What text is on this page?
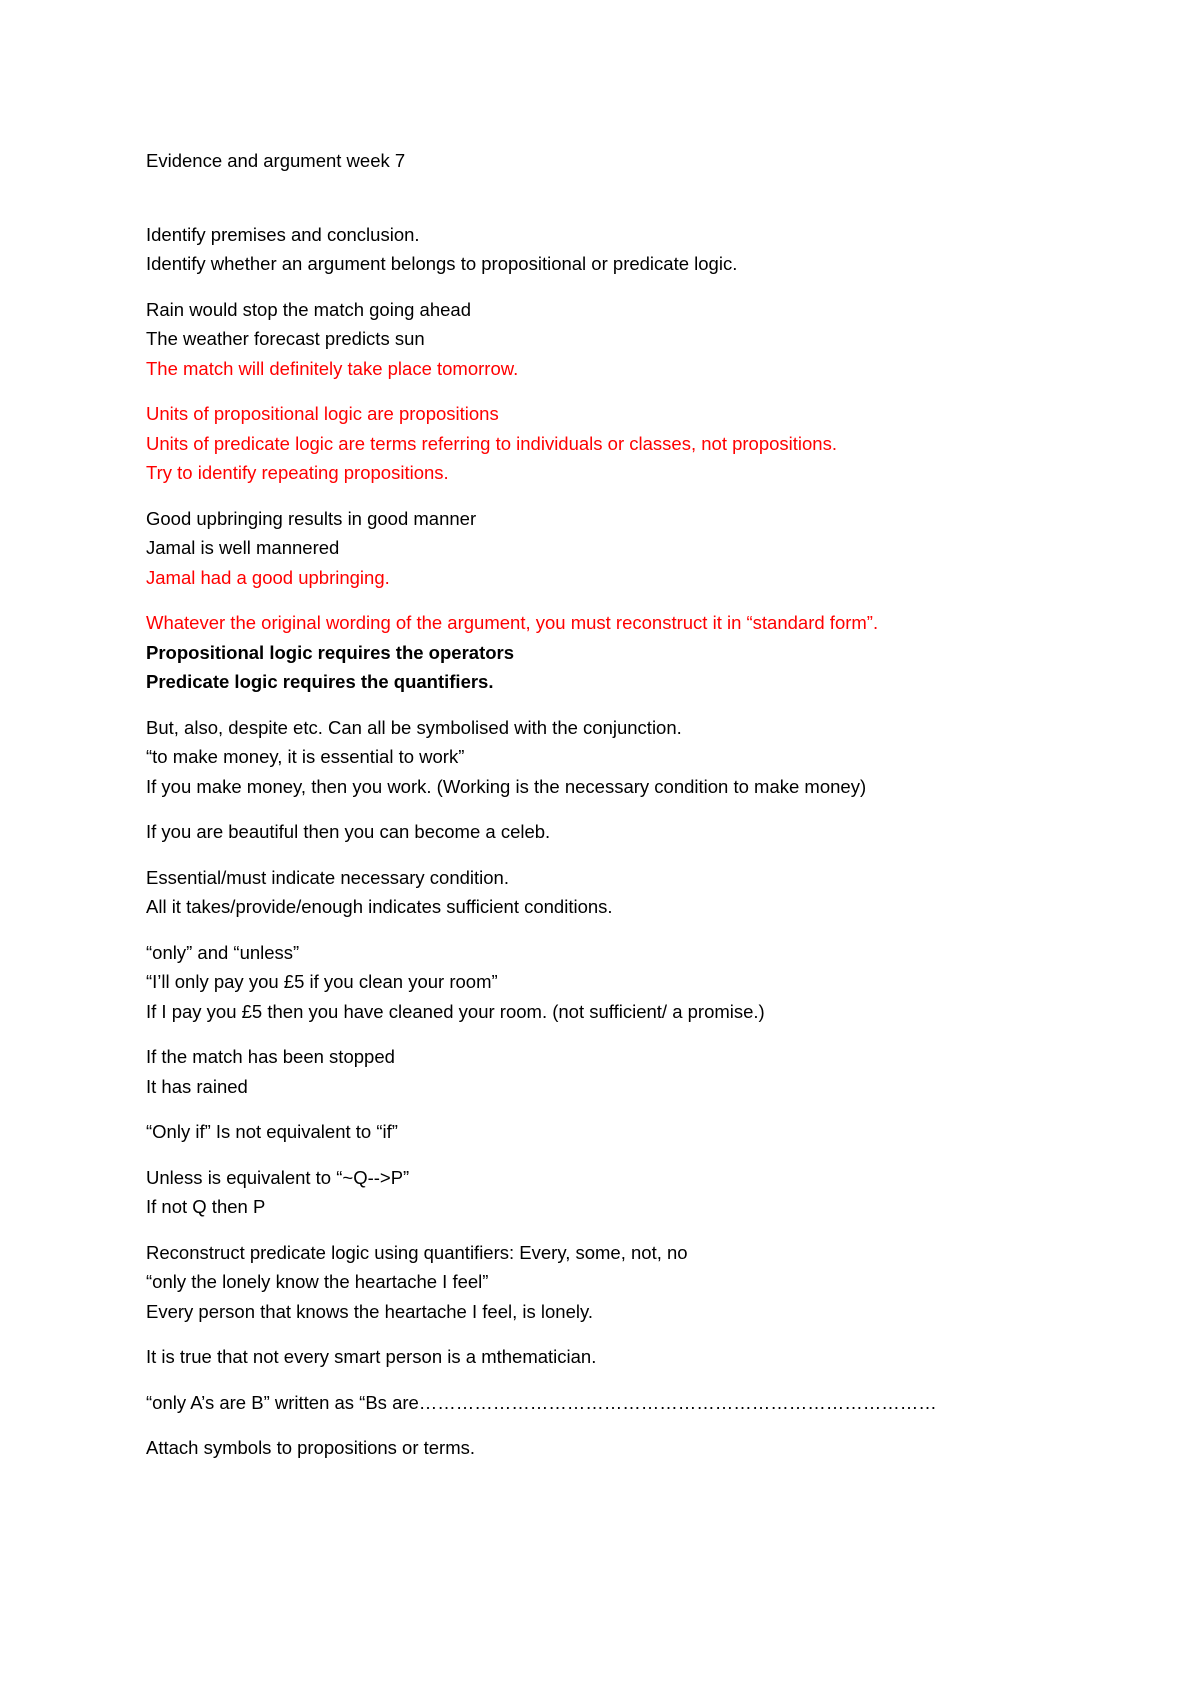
Evidence and argument week 7
Identify premises and conclusion.
Identify whether an argument belongs to propositional or predicate logic.
Rain would stop the match going ahead
The weather forecast predicts sun
The match will definitely take place tomorrow.
Units of propositional logic are propositions
Units of predicate logic are terms referring to individuals or classes, not propositions.
Try to identify repeating propositions.
Good upbringing results in good manner
Jamal is well mannered
Jamal had a good upbringing.
Whatever the original wording of the argument, you must reconstruct it in “standard form”.
Propositional logic requires the operators
Predicate logic requires the quantifiers.
But, also, despite etc. Can all be symbolised with the conjunction.
“to make money, it is essential to work”
If you make money, then you work. (Working is the necessary condition to make money)
If you are beautiful then you can become a celeb.
Essential/must indicate necessary condition.
All it takes/provide/enough indicates sufficient conditions.
“only” and “unless”
“I’ll only pay you £5 if you clean your room”
If I pay you £5 then you have cleaned your room. (not sufficient/ a promise.)
If the match has been stopped
It has rained
“Only if” Is not equivalent to “if”
Unless is equivalent to “~Q-->P”
If not Q then P
Reconstruct predicate logic using quantifiers: Every, some, not, no
“only the lonely know the heartache I feel”
Every person that knows the heartache I feel, is lonely.
It is true that not every smart person is a mthematician.
“only A’s are B” written as “Bs are…………………………………………………………………………
Attach symbols to propositions or terms.
